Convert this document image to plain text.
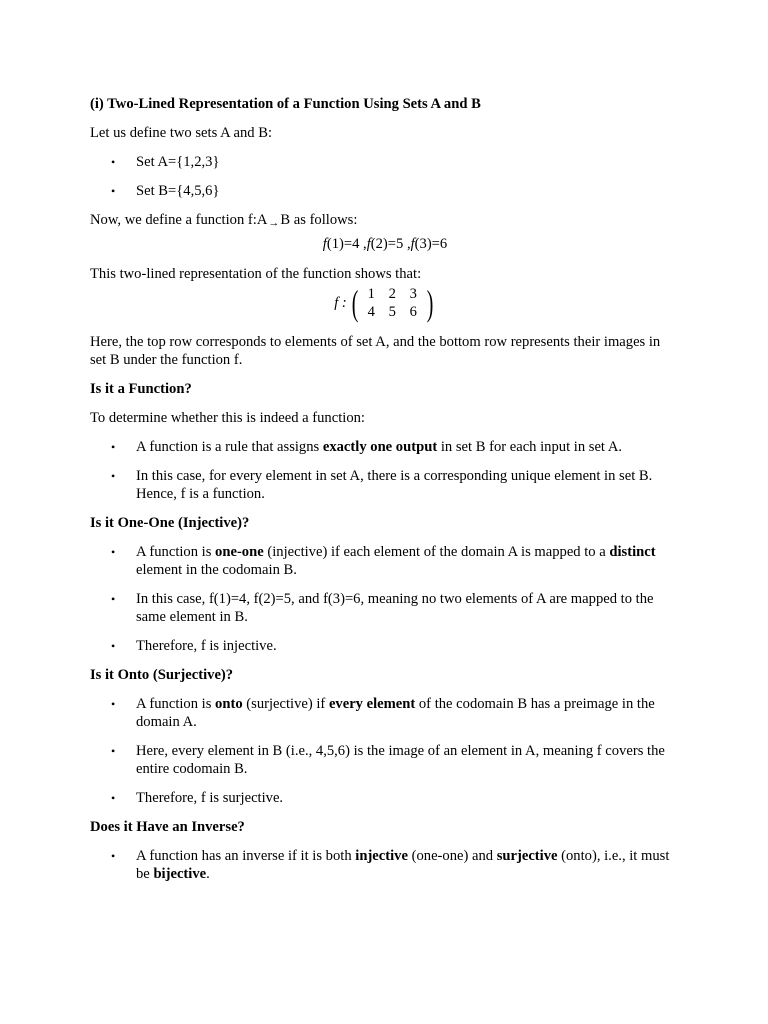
(i) Two-Lined Representation of a Function Using Sets A and B

Let us define two sets A and B:

• Set A={1,2,3}
• Set B={4,5,6}

Now, we define a function f:A→B as follows:

f(1)=4 ,f(2)=5 ,f(3)=6

This two-lined representation of the function shows that:

f : ( 1 2 3
4 5 6 )

Here, the top row corresponds to elements of set A, and the bottom row represents their images in set B under the function f.

Is it a Function?

To determine whether this is indeed a function:

• A function is a rule that assigns exactly one output in set B for each input in set A.
• In this case, for every element in set A, there is a corresponding unique element in set B. Hence, f is a function.

Is it One-One (Injective)?

• A function is one-one (injective) if each element of the domain A is mapped to a distinct element in the codomain B.
• In this case, f(1)=4, f(2)=5, and f(3)=6, meaning no two elements of A are mapped to the same element in B.
• Therefore, f is injective.

Is it Onto (Surjective)?

• A function is onto (surjective) if every element of the codomain B has a preimage in the domain A.
• Here, every element in B (i.e., 4,5,6) is the image of an element in A, meaning f covers the entire codomain B.
• Therefore, f is surjective.

Does it Have an Inverse?

• A function has an inverse if it is both injective (one-one) and surjective (onto), i.e., it must be bijective.
